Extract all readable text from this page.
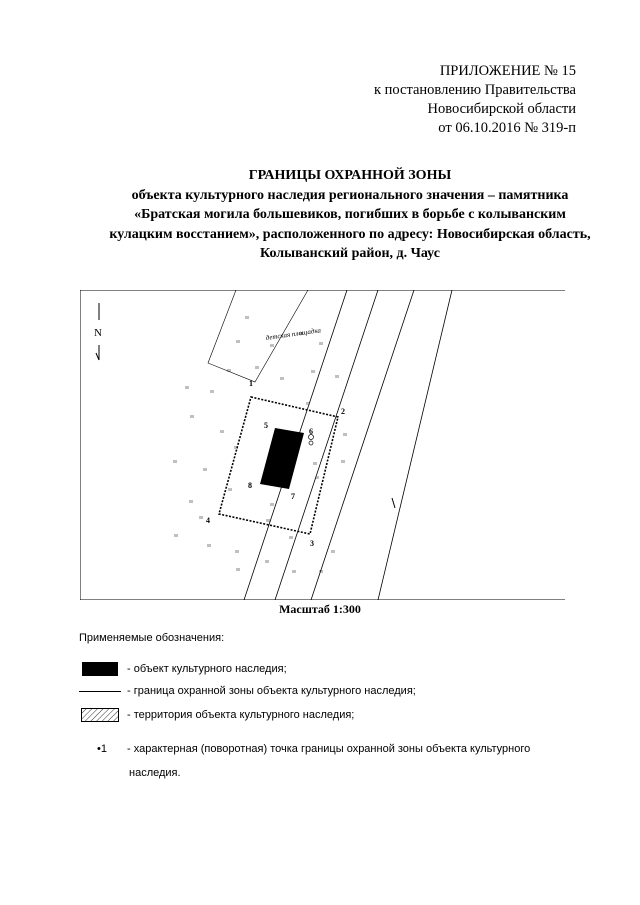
ПРИЛОЖЕНИЕ № 15
к постановлению Правительства
Новосибирской области
от 06.10.2016 № 319-п
ГРАНИЦЫ ОХРАННОЙ ЗОНЫ
объекта культурного наследия регионального значения – памятника
«Братская могила большевиков, погибших в борьбе с колыванским
кулацким восстанием», расположенного по адресу: Новосибирская область,
Колыванский район, д. Чаус
N	детская площадка
1
2
3
4
5
6
7
8
Масштаб 1:300
Применяемые обозначения:
- объект культурного наследия;
- граница охранной зоны объекта культурного наследия;
- территория объекта культурного наследия;
•1 - характерная (поворотная) точка границы охранной зоны объекта культурного
наследия.
